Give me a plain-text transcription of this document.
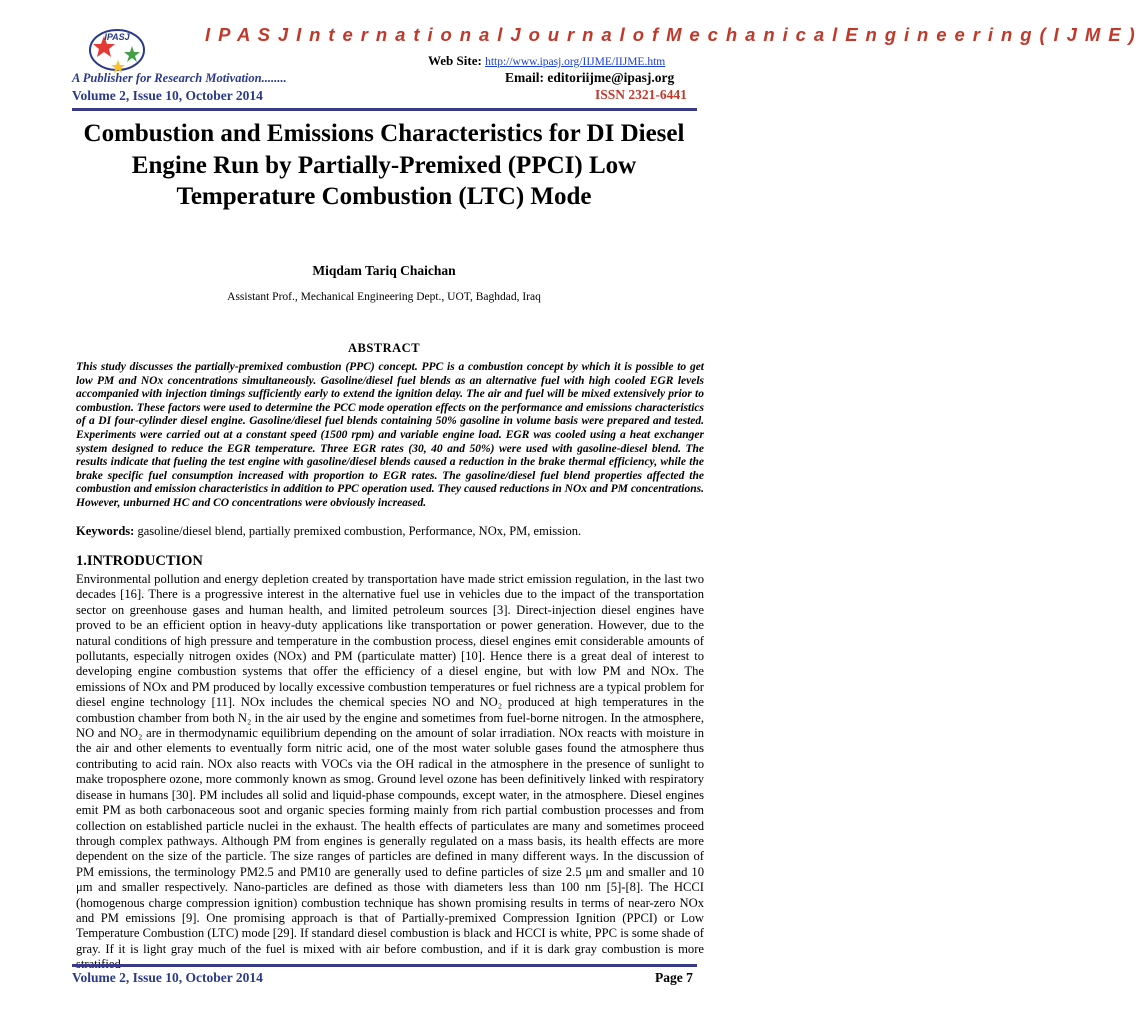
I P A S J I n t e r n a t i o n a l J o u r n a l o f M e c h a n i c a l E n g i n e e r i n g ( I J M E )
IPASJ
Web Site: http://www.ipasj.org/IIJME/IIJME.htm
A Publisher for Research Motivation........	Email: editoriijme@ipasj.org
Volume 2, Issue 10, October 2014	ISSN 2321-6441
Combustion and Emissions Characteristics for DI Diesel Engine Run by Partially-Premixed (PPCI) Low Temperature Combustion (LTC) Mode
Miqdam Tariq Chaichan
Assistant Prof., Mechanical Engineering Dept., UOT, Baghdad, Iraq
ABSTRACT
This study discusses the partially-premixed combustion (PPC) concept. PPC is a combustion concept by which it is possible to get low PM and NOx concentrations simultaneously. Gasoline/diesel fuel blends as an alternative fuel with high cooled EGR levels accompanied with injection timings sufficiently early to extend the ignition delay. The air and fuel will be mixed extensively prior to combustion. These factors were used to determine the PCC mode operation effects on the performance and emissions characteristics of a DI four-cylinder diesel engine. Gasoline/diesel fuel blends containing 50% gasoline in volume basis were prepared and tested. Experiments were carried out at a constant speed (1500 rpm) and variable engine load. EGR was cooled using a heat exchanger system designed to reduce the EGR temperature. Three EGR rates (30, 40 and 50%) were used with gasoline-diesel blend. The results indicate that fueling the test engine with gasoline/diesel blends caused a reduction in the brake thermal efficiency, while the brake specific fuel consumption increased with proportion to EGR rates. The gasoline/diesel fuel blend properties affected the combustion and emission characteristics in addition to PPC operation used. They caused reductions in NOx and PM concentrations. However, unburned HC and CO concentrations were obviously increased.
Keywords: gasoline/diesel blend, partially premixed combustion, Performance, NOx, PM, emission.
1.INTRODUCTION
Environmental pollution and energy depletion created by transportation have made strict emission regulation, in the last two decades [16]. There is a progressive interest in the alternative fuel use in vehicles due to the impact of the transportation sector on greenhouse gases and human health, and limited petroleum sources [3]. Direct-injection diesel engines have proved to be an efficient option in heavy-duty applications like transportation or power generation. However, due to the natural conditions of high pressure and temperature in the combustion process, diesel engines emit considerable amounts of pollutants, especially nitrogen oxides (NOx) and PM (particulate matter) [10]. Hence there is a great deal of interest to developing engine combustion systems that offer the efficiency of a diesel engine, but with low PM and NOx. The emissions of NOx and PM produced by locally excessive combustion temperatures or fuel richness are a typical problem for diesel engine technology [11]. NOx includes the chemical species NO and NO₂ produced at high temperatures in the combustion chamber from both N₂ in the air used by the engine and sometimes from fuel-borne nitrogen. In the atmosphere, NO and NO₂ are in thermodynamic equilibrium depending on the amount of solar irradiation. NOx reacts with moisture in the air and other elements to eventually form nitric acid, one of the most water soluble gases found the atmosphere thus contributing to acid rain. NOx also reacts with VOCs via the OH radical in the atmosphere in the presence of sunlight to make troposphere ozone, more commonly known as smog. Ground level ozone has been definitively linked with respiratory disease in humans [30]. PM includes all solid and liquid-phase compounds, except water, in the atmosphere. Diesel engines emit PM as both carbonaceous soot and organic species forming mainly from rich partial combustion processes and from collection on established particle nuclei in the exhaust. The health effects of particulates are many and sometimes proceed through complex pathways. Although PM from engines is generally regulated on a mass basis, its health effects are more dependent on the size of the particle. The size ranges of particles are defined in many different ways. In the discussion of PM emissions, the terminology PM2.5 and PM10 are generally used to define particles of size 2.5 μm and smaller and 10 μm and smaller respectively. Nano-particles are defined as those with diameters less than 100 nm [5]-[8]. The HCCI (homogenous charge compression ignition) combustion technique has shown promising results in terms of near-zero NOx and PM emissions [9]. One promising approach is that of Partially-premixed Compression Ignition (PPCI) or Low Temperature Combustion (LTC) mode [29]. If standard diesel combustion is black and HCCI is white, PPC is some shade of gray. If it is light gray much of the fuel is mixed with air before combustion, and if it is dark gray combustion is more
Volume 2, Issue 10, October 2014	Page 7
